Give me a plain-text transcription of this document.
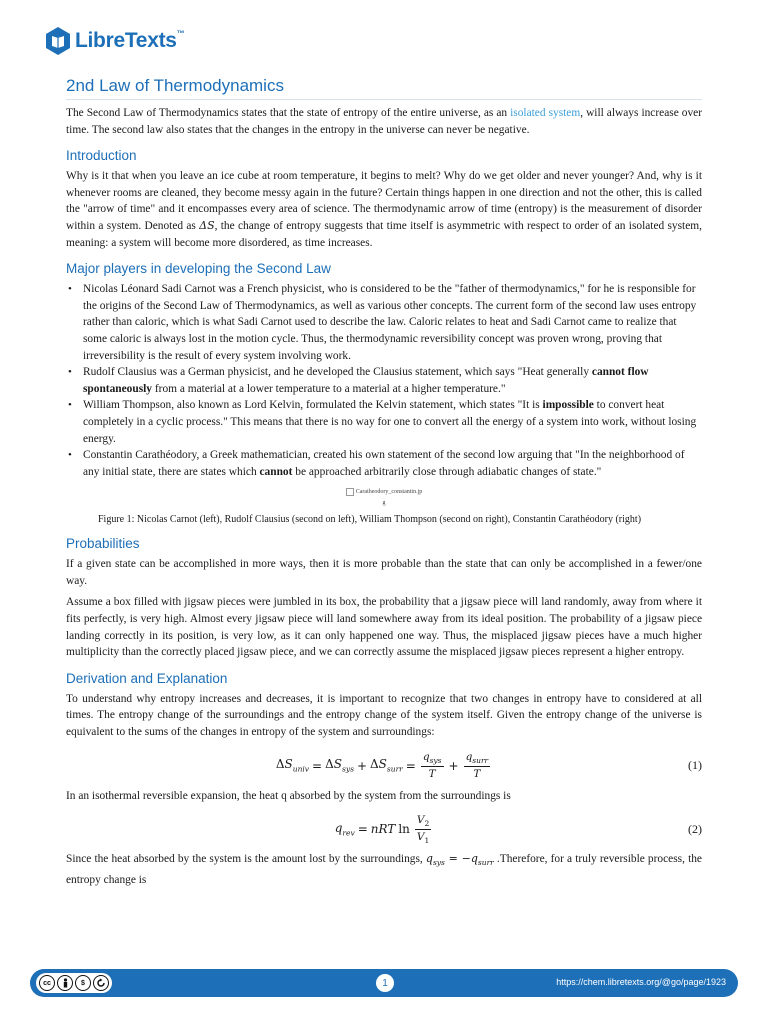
LibreTexts™
2nd Law of Thermodynamics

The Second Law of Thermodynamics states that the state of entropy of the entire universe, as an isolated system, will always increase over time. The second law also states that the changes in the entropy in the universe can never be negative.

Introduction

Why is it that when you leave an ice cube at room temperature, it begins to melt? Why do we get older and never younger? And, why is it whenever rooms are cleaned, they become messy again in the future? Certain things happen in one direction and not the other, this is called the "arrow of time" and it encompasses every area of science. The thermodynamic arrow of time (entropy) is the measurement of disorder within a system. Denoted as ΔS, the change of entropy suggests that time itself is asymmetric with respect to order of an isolated system, meaning: a system will become more disordered, as time increases.

Major players in developing the Second Law
• Nicolas Léonard Sadi Carnot was a French physicist, who is considered to be the "father of thermodynamics," for he is responsible for the origins of the Second Law of Thermodynamics, as well as various other concepts. The current form of the second law uses entropy rather than caloric, which is what Sadi Carnot used to describe the law. Caloric relates to heat and Sadi Carnot came to realize that some caloric is always lost in the motion cycle. Thus, the thermodynamic reversibility concept was proven wrong, proving that irreversibility is the result of every system involving work.
• Rudolf Clausius was a German physicist, and he developed the Clausius statement, which says "Heat generally cannot flow spontaneously from a material at a lower temperature to a material at a higher temperature."
• William Thompson, also known as Lord Kelvin, formulated the Kelvin statement, which states "It is impossible to convert heat completely in a cyclic process." This means that there is no way for one to convert all the energy of a system into work, without losing energy.
• Constantin Carathéodory, a Greek mathematician, created his own statement of the second low arguing that "In the neighborhood of any initial state, there are states which cannot be approached arbitrarily close through adiabatic changes of state."
Caratheodory_constantin.jp
g
Figure 1: Nicolas Carnot (left), Rudolf Clausius (second on left), William Thompson (second on right), Constantin Carathéodory (right)
Probabilities

If a given state can be accomplished in more ways, then it is more probable than the state that can only be accomplished in a fewer/one way.

Assume a box filled with jigsaw pieces were jumbled in its box, the probability that a jigsaw piece will land randomly, away from where it fits perfectly, is very high. Almost every jigsaw piece will land somewhere away from its ideal position. The probability of a jigsaw piece landing correctly in its position, is very low, as it can only happened one way. Thus, the misplaced jigsaw pieces have a much higher multiplicity than the correctly placed jigsaw piece, and we can correctly assume the misplaced jigsaw pieces represent a higher entropy.

Derivation and Explanation

To understand why entropy increases and decreases, it is important to recognize that two changes in entropy have to considered at all times. The entropy change of the surroundings and the entropy change of the system itself. Given the entropy change of the universe is equivalent to the sums of the changes in entropy of the system and surroundings:

$\Delta S_{univ} = \Delta S_{sys} + \Delta S_{surr} = \frac{q_{sys}}{T} + \frac{q_{surr}}{T}$	(1)

In an isothermal reversible expansion, the heat q absorbed by the system from the surroundings is

$q_{rev}$ = nRT $\ln \frac{V_2}{V_1}$	(2)

Since the heat absorbed by the system is the amount lost by the surroundings, $q_{sys} = -q_{surr}$ .Therefore, for a truly reversible process, the entropy change is

cc	$	1	https://chem.libretexts.org/@go/page/1923
